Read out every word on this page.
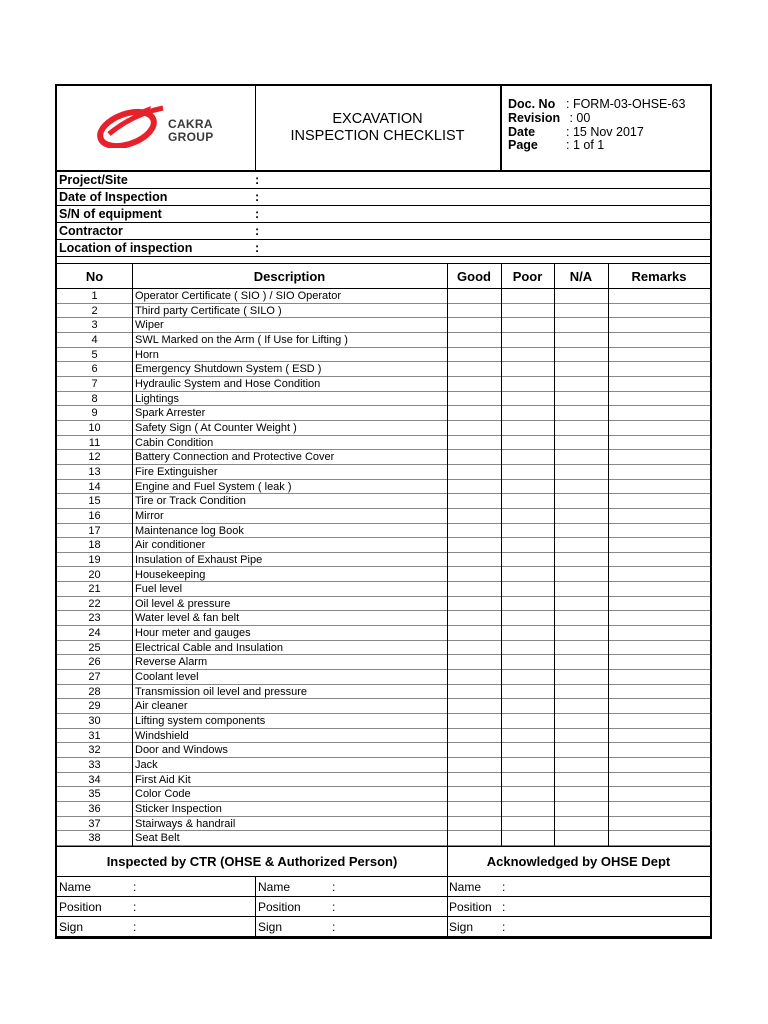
CAKRA
GROUP
EXCAVATION
INSPECTION CHECKLIST
Doc. No : FORM-03-OHSE-63
Revision : 00
Date : 15 Nov 2017
Page : 1 of 1
Project/Site	:
Date of Inspection	:
S/N of equipment	:
Contractor	:
Location of inspection	:
No	Description	Good	Poor	N/A	Remarks
1	Operator Certificate ( SIO ) / SIO Operator
2	Third party Certificate ( SILO )
3	Wiper
4	SWL Marked on the Arm ( If Use for Lifting )
5	Horn
6	Emergency Shutdown System ( ESD )
7	Hydraulic System and Hose Condition
8	Lightings
9	Spark Arrester
10	Safety Sign ( At Counter Weight )
11	Cabin Condition
12	Battery Connection and Protective Cover
13	Fire Extinguisher
14	Engine and Fuel System ( leak )
15	Tire or Track Condition
16	Mirror
17	Maintenance log Book
18	Air conditioner
19	Insulation of Exhaust Pipe
20	Housekeeping
21	Fuel level
22	Oil level & pressure
23	Water level & fan belt
24	Hour meter and gauges
25	Electrical Cable and Insulation
26	Reverse Alarm
27	Coolant level
28	Transmission oil level and pressure
29	Air cleaner
30	Lifting system components
31	Windshield
32	Door and Windows
33	Jack
34	First Aid Kit
35	Color Code
36	Sticker Inspection
37	Stairways & handrail
38	Seat Belt
Inspected by CTR (OHSE & Authorized Person)	Acknowledged by OHSE Dept
Name	:	Name	:	Name :
Position	:	Position	:	Position :
Sign	:	Sign	:	Sign :
